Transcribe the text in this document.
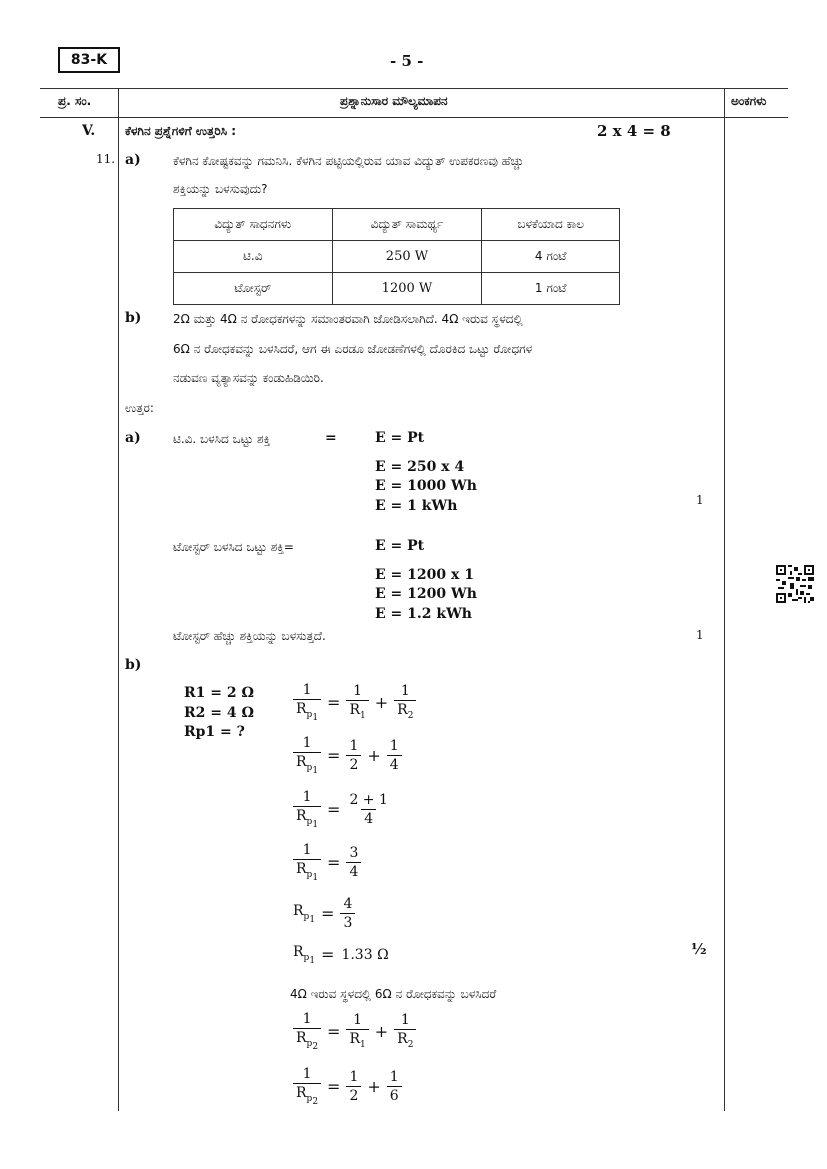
83-K	- 5 -
ಪ್ರ. ಸಂ.	ಪ್ರಶ್ನಾನುಸಾರ ಮೌಲ್ಯಮಾಪನ	ಅಂಕಗಳು
V. ಕೆಳಗಿನ ಪ್ರಶ್ನೆಗಳಿಗೆ ಉತ್ತರಿಸಿ :	2 x 4 = 8
11. a)	ಕೆಳಗಿನ ಕೋಷ್ಟಕವನ್ನು ಗಮನಿಸಿ. ಕೆಳಗಿನ ಪಟ್ಟಿಯಲ್ಲಿರುವ ಯಾವ ವಿದ್ಯುತ್ ಉಪಕರಣವು ಹೆಚ್ಚು
ಶಕ್ತಿಯನ್ನು ಬಳಸುವುದು?
ವಿದ್ಯುತ್ ಸಾಧನಗಳು	ವಿದ್ಯುತ್ ಸಾಮರ್ಥ್ಯ	ಬಳಕೆಯಾದ ಕಾಲ
ಟಿ.ವಿ	250 W	4 ಗಂಟೆ
ಟೋಸ್ಟರ್	1200 W	1 ಗಂಟೆ
b)	2Ω ಮತ್ತು 4Ω ನ ರೋಧಕಗಳನ್ನು ಸಮಾಂತರವಾಗಿ ಜೋಡಿಸಲಾಗಿದೆ. 4Ω ಇರುವ ಸ್ಥಳದಲ್ಲಿ
6Ω ನ ರೋಧಕವನ್ನು ಬಳಸಿದರೆ, ಆಗ ಈ ಎರಡೂ ಜೋಡಣೆಗಳಲ್ಲಿ ದೊರಕಿದ ಒಟ್ಟು ರೋಧಗಳ
ನಡುವಣ ವ್ಯತ್ಯಾಸವನ್ನು ಕಂಡುಹಿಡಿಯಿರಿ.
ಉತ್ತರ:
a)	ಟಿ.ವಿ. ಬಳಸಿದ ಒಟ್ಟು ಶಕ್ತಿ	=	E = Pt
E = 250 x 4
E = 1000 Wh
E = 1 kWh	1
ಟೋಸ್ಟರ್ ಬಳಸಿದ ಒಟ್ಟು ಶಕ್ತಿ=	E = Pt
E = 1200 x 1
E = 1200 Wh
E = 1.2 kWh
ಟೋಸ್ಟರ್ ಹೆಚ್ಚು ಶಕ್ತಿಯನ್ನು ಬಳಸುತ್ತದೆ.	1
b)
R1 = 2 Ω
R2 = 4 Ω
Rp1 = ?
$\frac{1}{R_{p_1}} = \frac{1}{R_1} + \frac{1}{R_2}$
$\frac{1}{R_{p_1}} = \frac{1}{2} + \frac{1}{4}$
$\frac{1}{R_{p_1}} = \frac{2 + 1}{4}$
$\frac{1}{R_{p_1}} = \frac{3}{4}$
$R_{p_1} = \frac{4}{3}$
$R_{p_1} = 1.33$ Ω	½
4Ω ಇರುವ ಸ್ಥಳದಲ್ಲಿ 6Ω ನ ರೋಧಕವನ್ನು ಬಳಸಿದರೆ
$\frac{1}{R_{p_2}} = \frac{1}{R_1} + \frac{1}{R_2}$
$\frac{1}{R_{p_2}} = \frac{1}{2} + \frac{1}{6}$
